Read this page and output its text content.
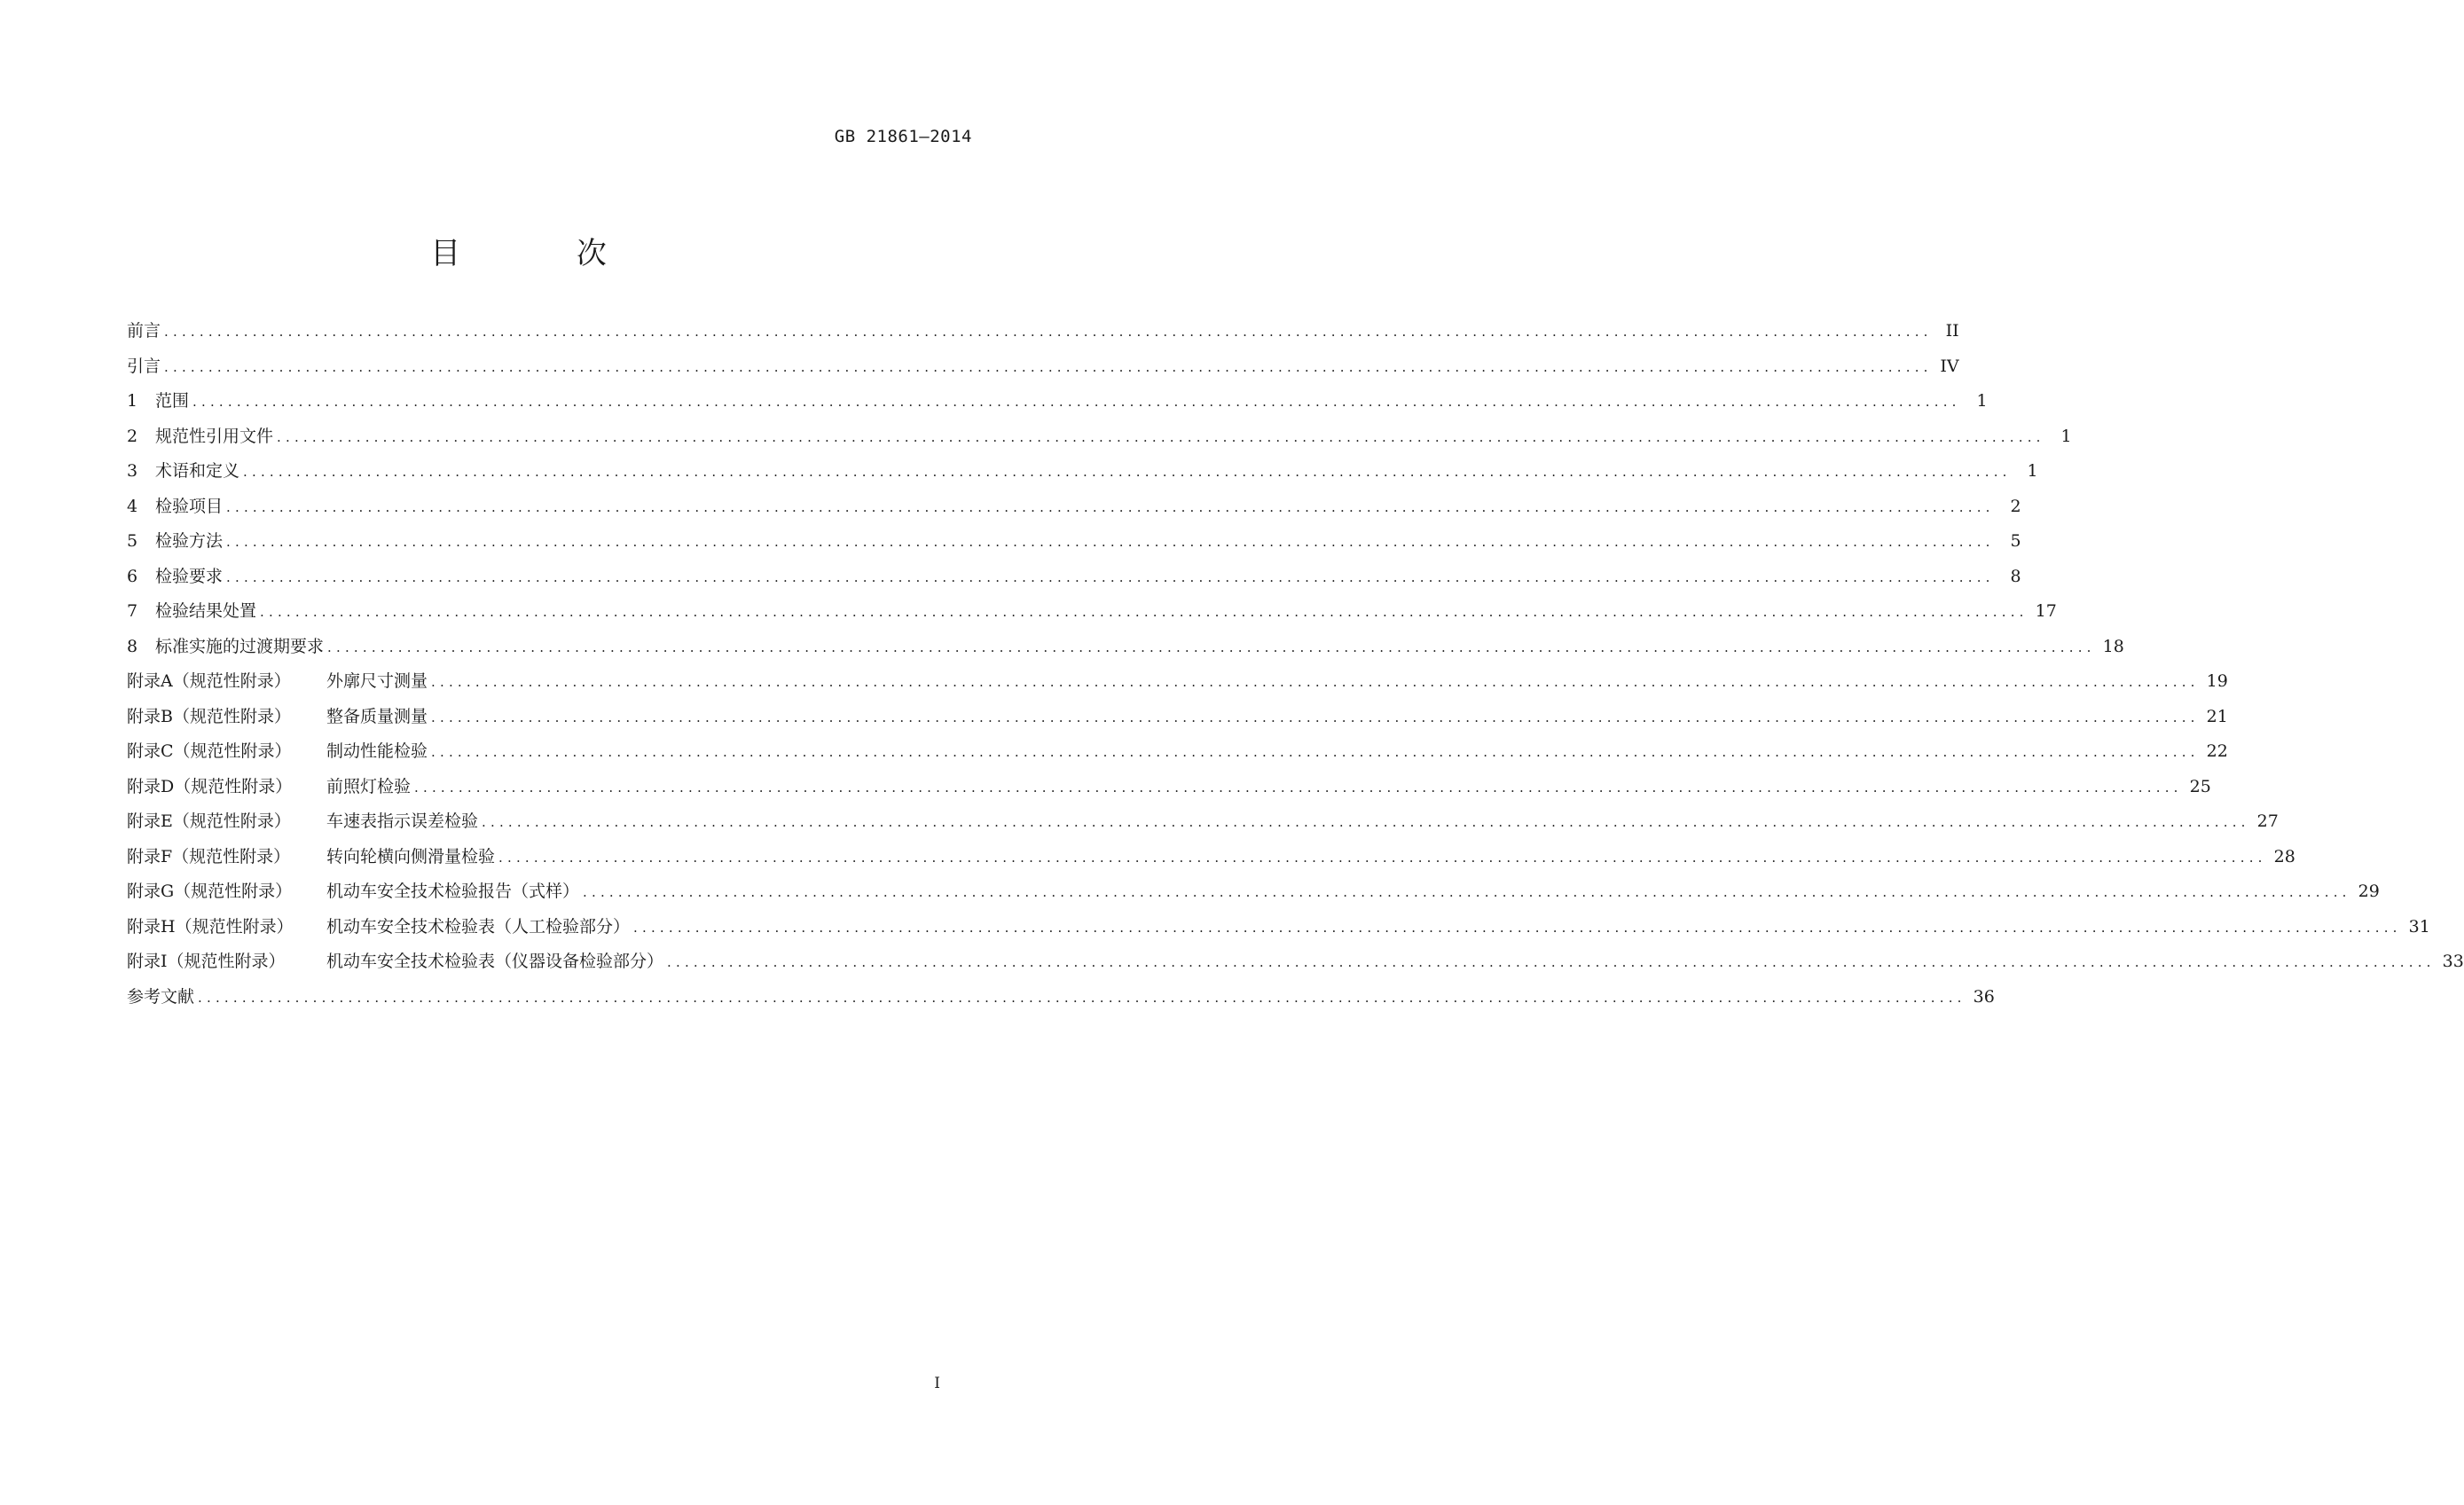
GB 21861—2014
目 次
前言 ........................................................................................................................................................................................................ II
引言 ........................................................................................................................................................................................................ IV
1 范围 ........................................................................................................................................................................................................ 1
2 规范性引用文件 ........................................................................................................................................................................................................ 1
3 术语和定义 ........................................................................................................................................................................................................ 1
4 检验项目 ........................................................................................................................................................................................................ 2
5 检验方法 ........................................................................................................................................................................................................ 5
6 检验要求 ........................................................................................................................................................................................................ 8
7 检验结果处置 ........................................................................................................................................................................................................ 17
8 标准实施的过渡期要求 ........................................................................................................................................................................................................ 18
附录A（规范性附录） 外廓尺寸测量 ........................................................................................................................................................................................................ 19
附录B（规范性附录） 整备质量测量 ........................................................................................................................................................................................................ 21
附录C（规范性附录） 制动性能检验 ........................................................................................................................................................................................................ 22
附录D（规范性附录） 前照灯检验 ........................................................................................................................................................................................................ 25
附录E（规范性附录） 车速表指示误差检验 ........................................................................................................................................................................................................ 27
附录F（规范性附录） 转向轮横向侧滑量检验 ........................................................................................................................................................................................................ 28
附录G（规范性附录） 机动车安全技术检验报告（式样） ........................................................................................................................................................................................................ 29
附录H（规范性附录） 机动车安全技术检验表（人工检验部分） ........................................................................................................................................................................................................ 31
附录I（规范性附录） 机动车安全技术检验表（仪器设备检验部分） ........................................................................................................................................................................................................ 33
参考文献 ........................................................................................................................................................................................................ 36
I
